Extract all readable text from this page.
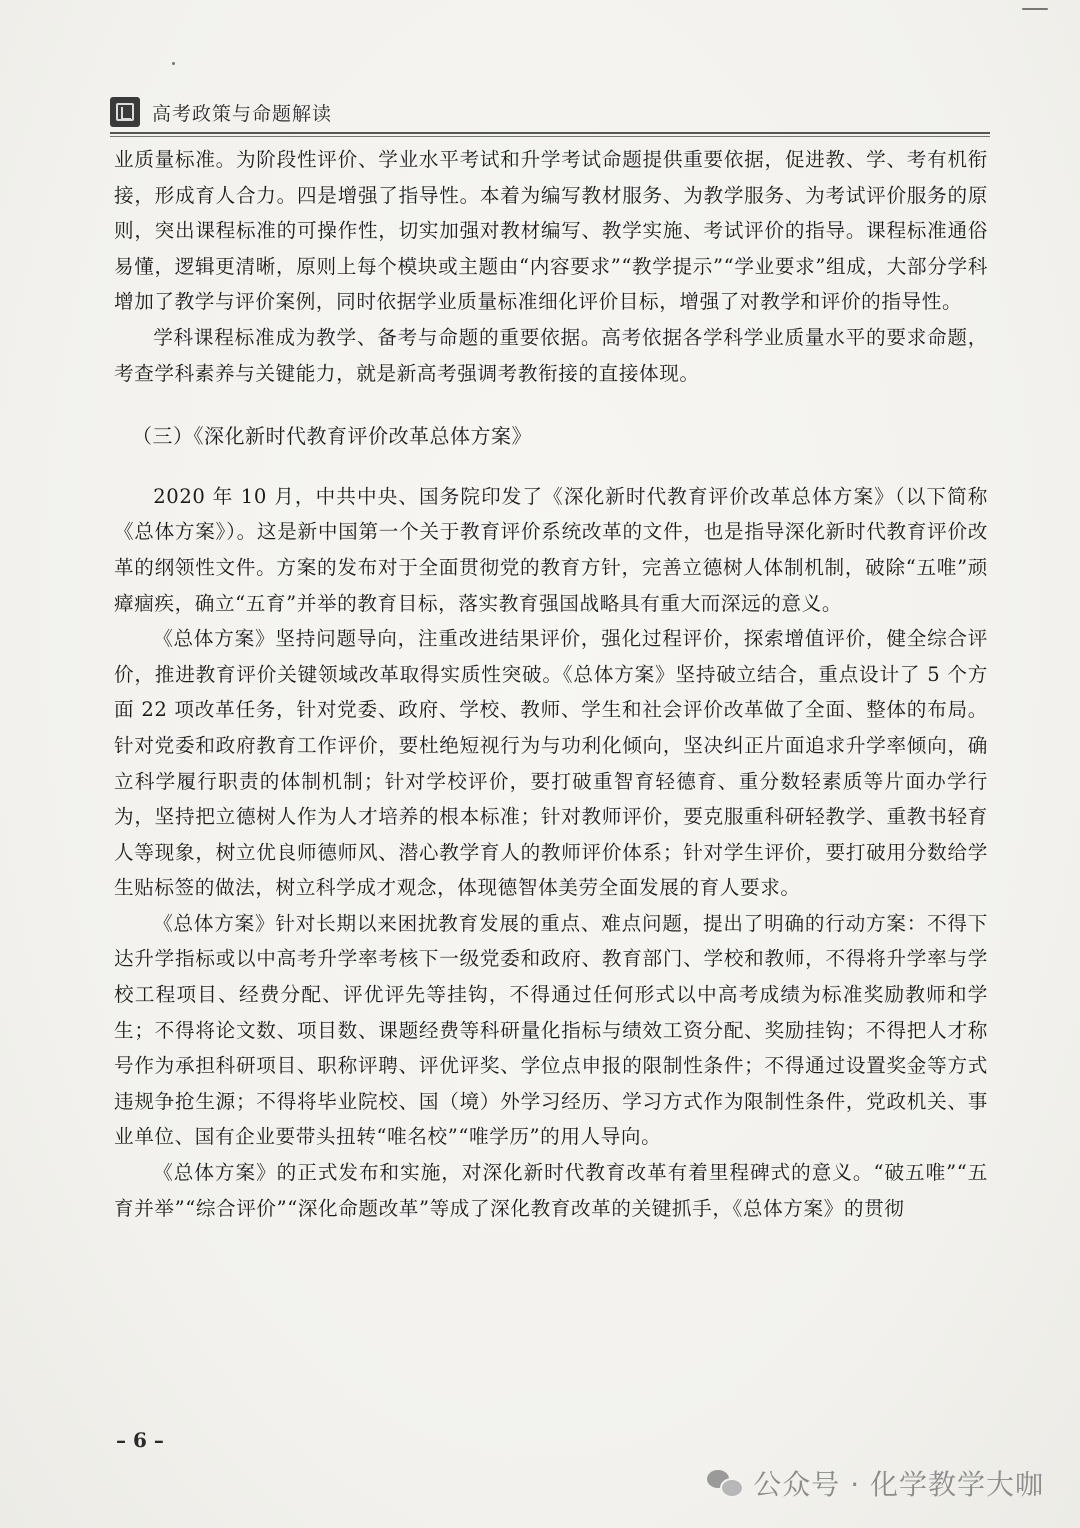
高考政策与命题解读

业质量标准。为阶段性评价、学业水平考试和升学考试命题提供重要依据，促进教、学、考有机衔接，形成育人合力。四是增强了指导性。本着为编写教材服务、为教学服务、为考试评价服务的原则，突出课程标准的可操作性，切实加强对教材编写、教学实施、考试评价的指导。课程标准通俗易懂，逻辑更清晰，原则上每个模块或主题由“内容要求”“教学提示”“学业要求”组成，大部分学科增加了教学与评价案例，同时依据学业质量标准细化评价目标，增强了对教学和评价的指导性。

学科课程标准成为教学、备考与命题的重要依据。高考依据各学科学业质量水平的要求命题，考查学科素养与关键能力，就是新高考强调考教衔接的直接体现。

（三）《深化新时代教育评价改革总体方案》

2020 年 10 月，中共中央、国务院印发了《深化新时代教育评价改革总体方案》（以下简称《总体方案》）。这是新中国第一个关于教育评价系统改革的文件，也是指导深化新时代教育评价改革的纲领性文件。方案的发布对于全面贯彻党的教育方针，完善立德树人体制机制，破除“五唯”顽瘴痼疾，确立“五育”并举的教育目标，落实教育强国战略具有重大而深远的意义。

《总体方案》坚持问题导向，注重改进结果评价，强化过程评价，探索增值评价，健全综合评价，推进教育评价关键领域改革取得实质性突破。《总体方案》坚持破立结合，重点设计了 5 个方面 22 项改革任务，针对党委、政府、学校、教师、学生和社会评价改革做了全面、整体的布局。针对党委和政府教育工作评价，要杜绝短视行为与功利化倾向，坚决纠正片面追求升学率倾向，确立科学履行职责的体制机制；针对学校评价，要打破重智育轻德育、重分数轻素质等片面办学行为，坚持把立德树人作为人才培养的根本标准；针对教师评价，要克服重科研轻教学、重教书轻育人等现象，树立优良师德师风、潜心教学育人的教师评价体系；针对学生评价，要打破用分数给学生贴标签的做法，树立科学成才观念，体现德智体美劳全面发展的育人要求。

《总体方案》针对长期以来困扰教育发展的重点、难点问题，提出了明确的行动方案：不得下达升学指标或以中高考升学率考核下一级党委和政府、教育部门、学校和教师，不得将升学率与学校工程项目、经费分配、评优评先等挂钩，不得通过任何形式以中高考成绩为标准奖励教师和学生；不得将论文数、项目数、课题经费等科研量化指标与绩效工资分配、奖励挂钩；不得把人才称号作为承担科研项目、职称评聘、评优评奖、学位点申报的限制性条件；不得通过设置奖金等方式违规争抢生源；不得将毕业院校、国（境）外学习经历、学习方式作为限制性条件，党政机关、事业单位、国有企业要带头扭转“唯名校”“唯学历”的用人导向。

《总体方案》的正式发布和实施，对深化新时代教育改革有着里程碑式的意义。“破五唯”“五育并举”“综合评价”“深化命题改革”等成了深化教育改革的关键抓手，《总体方案》的贯彻

– 6 –
公众号 · 化学教学大咖
